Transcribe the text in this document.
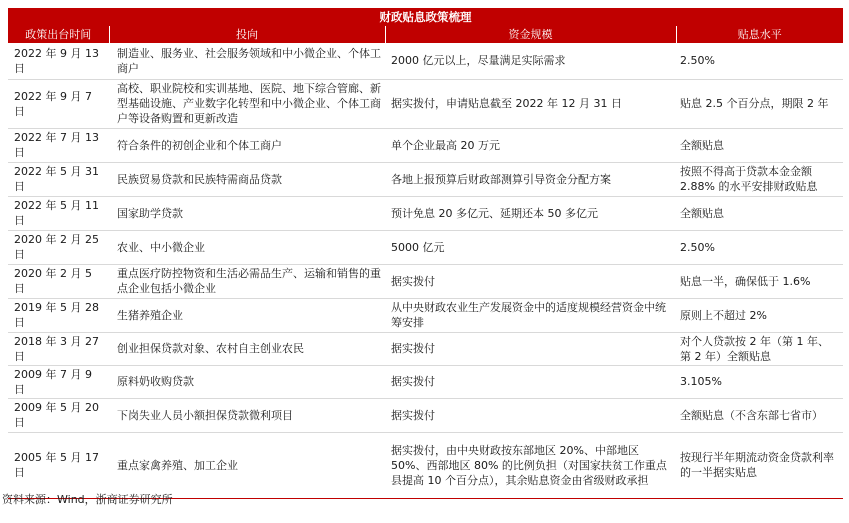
财政贴息政策梳理			
政策出台时间	投向	资金规模	贴息水平
2022 年 9 月 13 日	制造业、服务业、社会服务领域和中小微企业、个体工商户	2000 亿元以上，尽量满足实际需求	2.50%
2022 年 9 月 7 日	高校、职业院校和实训基地、医院、地下综合管廊、新型基础设施、产业数字化转型和中小微企业、个体工商户等设备购置和更新改造	据实拨付，申请贴息截至 2022 年 12 月 31 日	贴息 2.5 个百分点，期限 2 年
2022 年 7 月 13 日	符合条件的初创企业和个体工商户	单个企业最高 20 万元	全额贴息
2022 年 5 月 31 日	民族贸易贷款和民族特需商品贷款	各地上报预算后财政部测算引导资金分配方案	按照不得高于贷款本金金额 2.88% 的水平安排财政贴息
2022 年 5 月 11 日	国家助学贷款	预计免息 20 多亿元、延期还本 50 多亿元	全额贴息
2020 年 2 月 25 日	农业、中小微企业	5000 亿元	2.50%
2020 年 2 月 5 日	重点医疗防控物资和生活必需品生产、运输和销售的重点企业包括小微企业	据实拨付	贴息一半，确保低于 1.6%
2019 年 5 月 28 日	生猪养殖企业	从中央财政农业生产发展资金中的适度规模经营资金中统筹安排	原则上不超过 2%
2018 年 3 月 27 日	创业担保贷款对象、农村自主创业农民	据实拨付	对个人贷款按 2 年（第 1 年、第 2 年）全额贴息
2009 年 7 月 9 日	原料奶收购贷款	据实拨付	3.105%
2009 年 5 月 20 日	下岗失业人员小额担保贷款微利项目	据实拨付	全额贴息（不含东部七省市）
2005 年 5 月 17 日	重点家禽养殖、加工企业	据实拨付，由中央财政按东部地区 20%、中部地区 50%、西部地区 80% 的比例负担（对国家扶贫工作重点县提高 10 个百分点），其余贴息资金由省级财政承担	按现行半年期流动资金贷款利率的一半据实贴息
资料来源：Wind，浙商证券研究所
